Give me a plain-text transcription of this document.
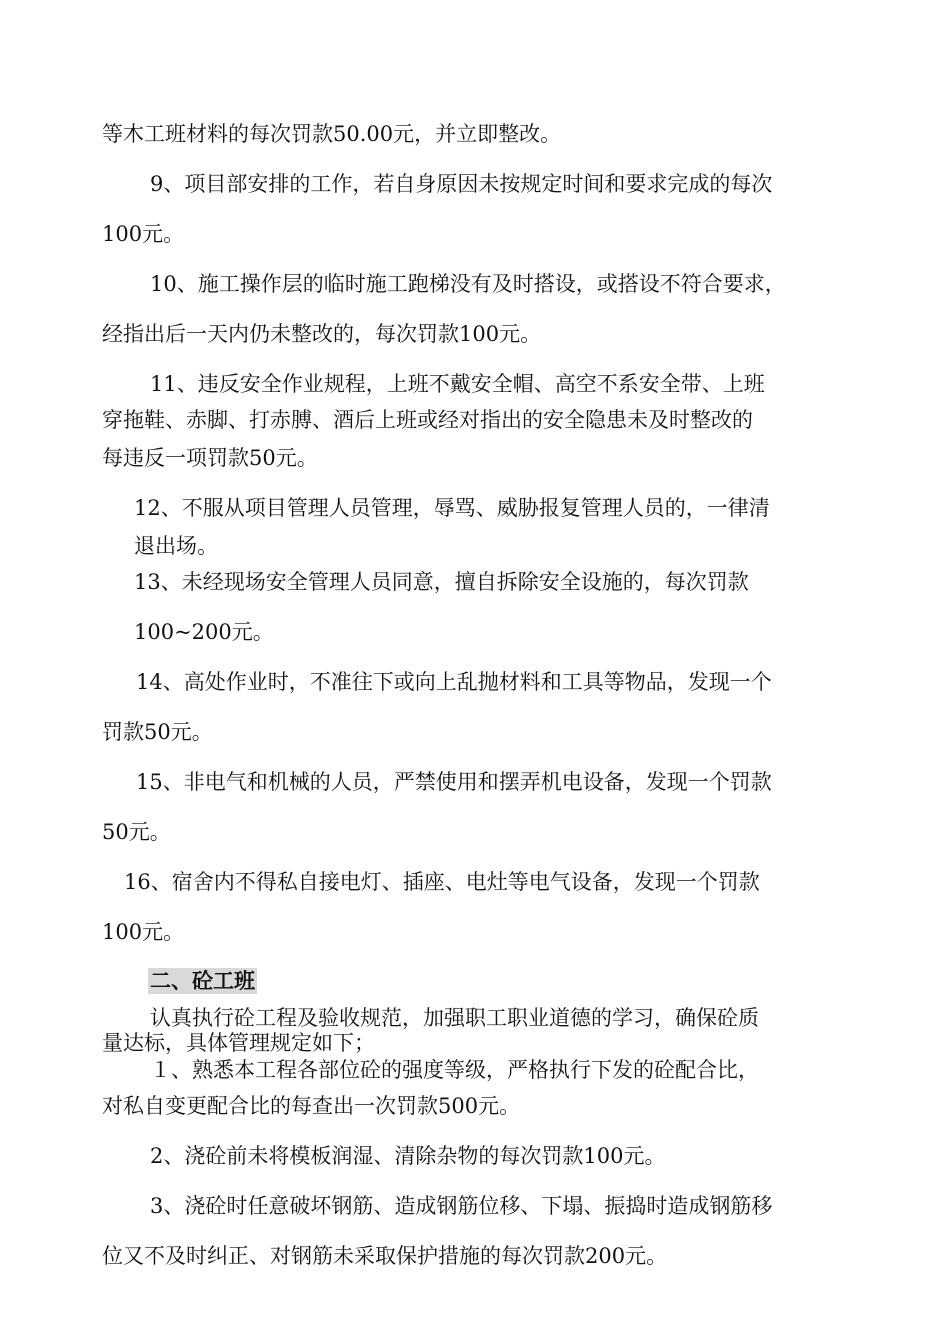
等木工班材料的每次罚款50.00元，并立即整改。

9、项目部安排的工作，若自身原因未按规定时间和要求完成的每次

100元。

10、施工操作层的临时施工跑梯没有及时搭设，或搭设不符合要求，

经指出后一天内仍未整改的，每次罚款100元。

11、违反安全作业规程，上班不戴安全帽、高空不系安全带、上班

穿拖鞋、赤脚、打赤膊、酒后上班或经对指出的安全隐患未及时整改的

每违反一项罚款50元。

12、不服从项目管理人员管理，辱骂、威胁报复管理人员的，一律清

退出场。

13、未经现场安全管理人员同意，擅自拆除安全设施的，每次罚款

100~200元。

14、高处作业时，不准往下或向上乱抛材料和工具等物品，发现一个

罚款50元。

15、非电气和机械的人员，严禁使用和摆弄机电设备，发现一个罚款

50元。

16、宿舍内不得私自接电灯、插座、电灶等电气设备，发现一个罚款

100元。

二、砼工班

认真执行砼工程及验收规范，加强职工职业道德的学习，确保砼质

量达标，具体管理规定如下；

１、熟悉本工程各部位砼的强度等级，严格执行下发的砼配合比，

对私自变更配合比的每查出一次罚款500元。

2、浇砼前未将模板润湿、清除杂物的每次罚款100元。

3、浇砼时任意破坏钢筋、造成钢筋位移、下塌、振捣时造成钢筋移

位又不及时纠正、对钢筋未采取保护措施的每次罚款200元。
